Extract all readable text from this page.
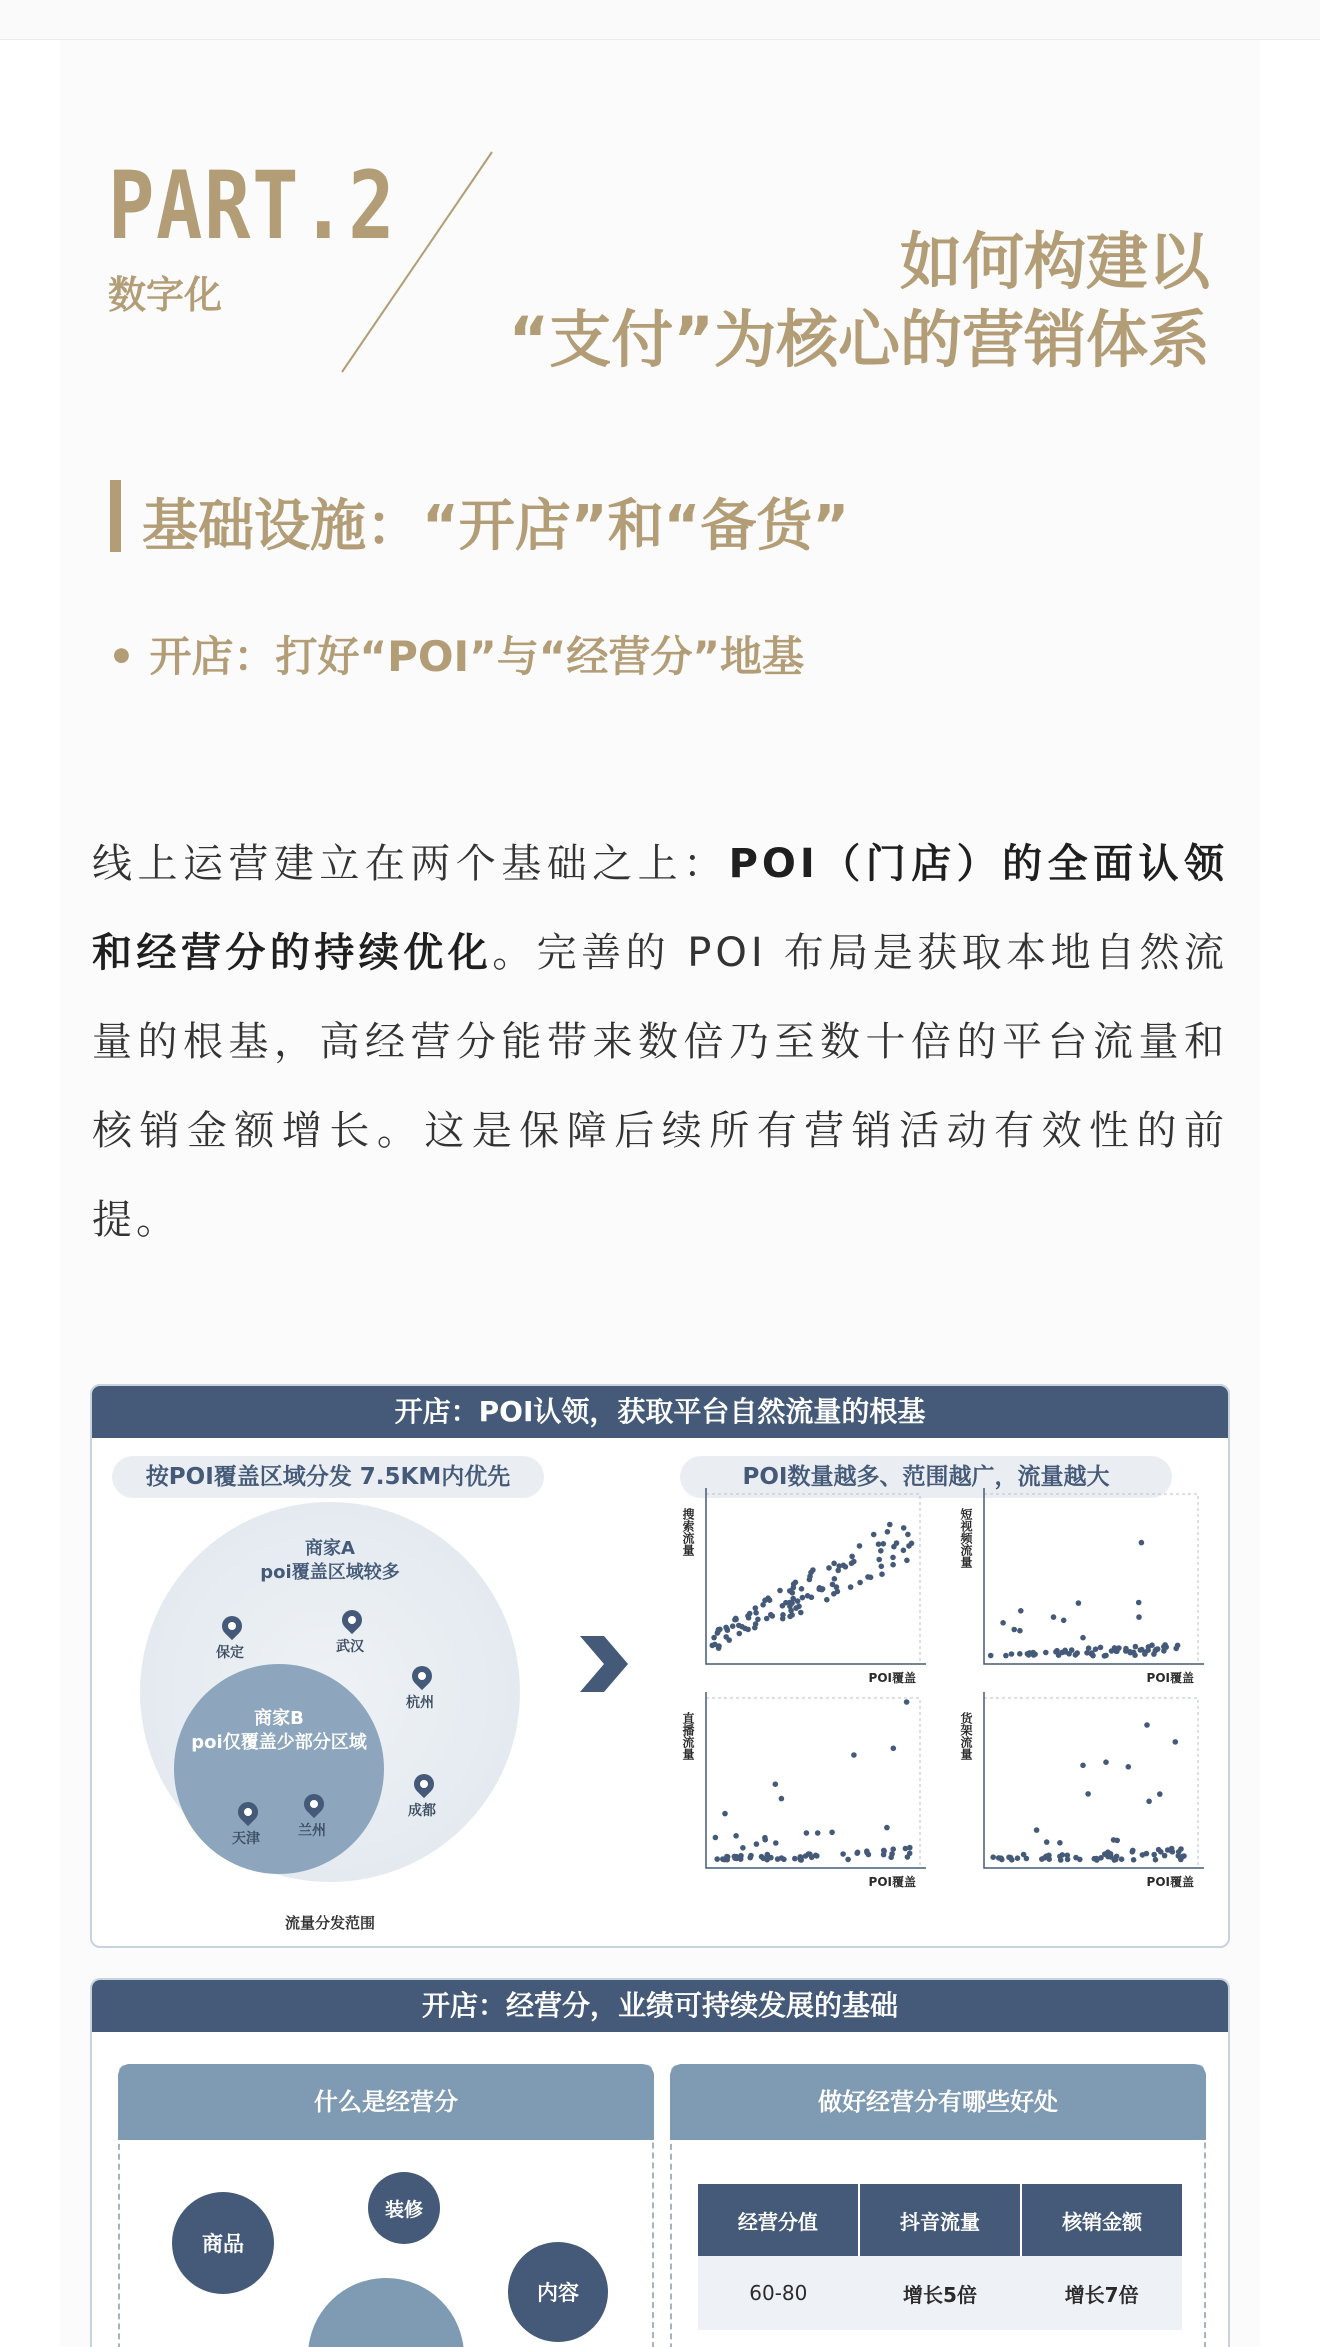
PART.2
数字化	如何构建以
“支付”为核心的营销体系
基础设施：“开店”和“备货”
• 开店：打好“POI”与“经营分”地基

线上运营建立在两个基础之上：POI（门店）的全面认领和经营分的持续优化。完善的 POI 布局是获取本地自然流量的根基，高经营分能带来数倍乃至数十倍的平台流量和核销金额增长。这是保障后续所有营销活动有效性的前提。

开店：POI认领，获取平台自然流量的根基
按POI覆盖区域分发 7.5KM内优先	POI数量越多、范围越广，流量越大
商家A
poi覆盖区域较多
商家B
poi仅覆盖少部分区域
保定	武汉
杭州
成都
天津	兰州
流量分发范围
搜索流量
POI覆盖
短视频流量
POI覆盖
直播流量
POI覆盖
货架流量
POI覆盖
开店：经营分，业绩可持续发展的基础
什么是经营分
商品
装修
内容
做好经营分有哪些好处
经营分值	抖音流量	核销金额
60-80	增长5倍	增长7倍
